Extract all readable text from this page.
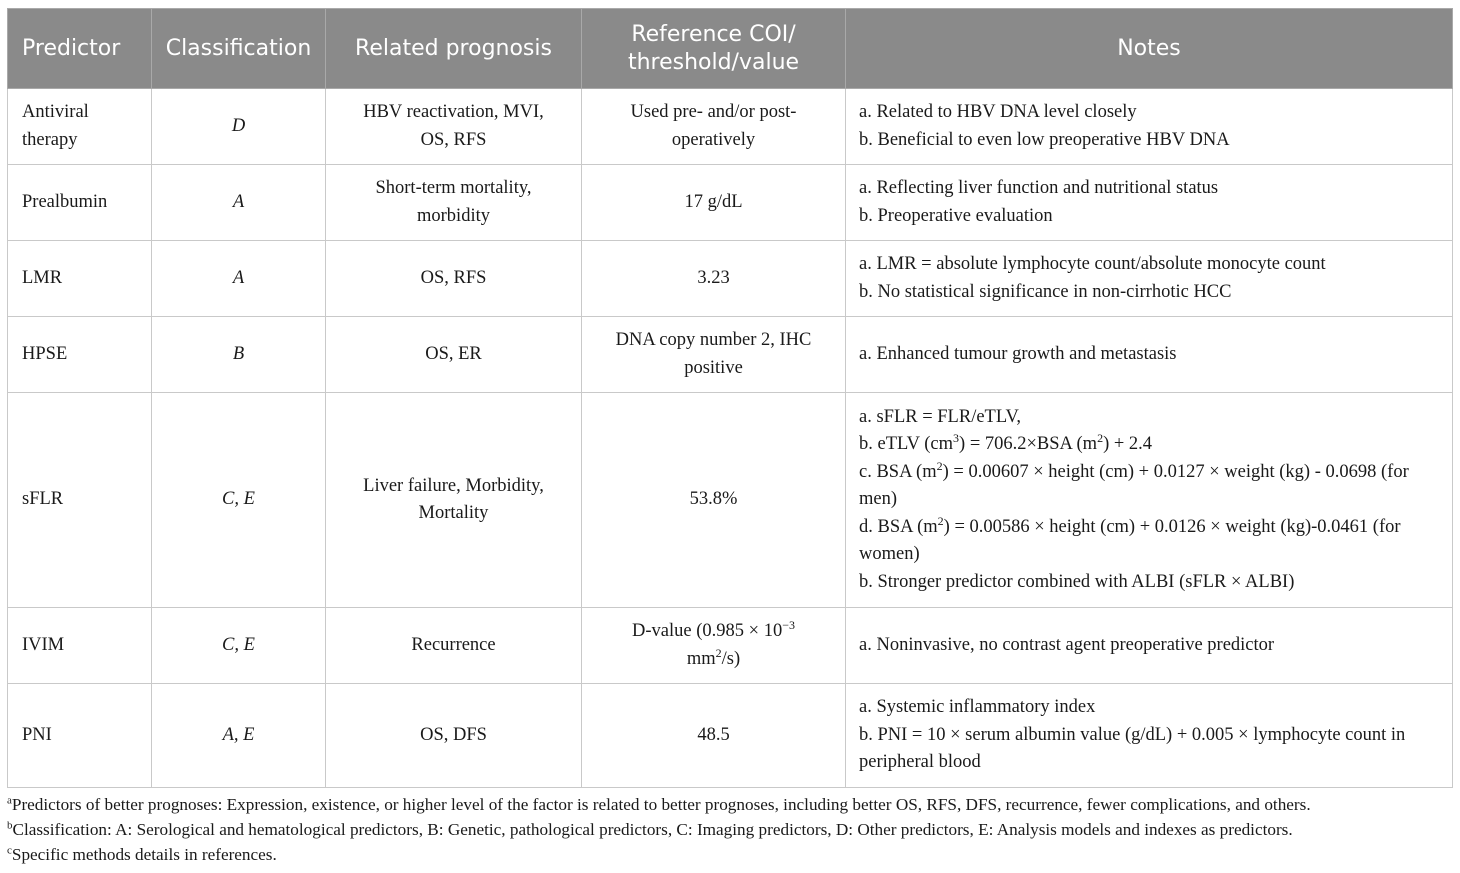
Predictor	Classification	Related prognosis	Reference COI/
threshold/value	Notes
Antiviral therapy	D	HBV reactivation, MVI, OS, RFS	Used pre- and/or post-operatively	a. Related to HBV DNA level closely
b. Beneficial to even low preoperative HBV DNA

Prealbumin	A	Short-term mortality, morbidity	17 g/dL	a. Reflecting liver function and nutritional status
b. Preoperative evaluation

LMR	A	OS, RFS	3.23	a. LMR = absolute lymphocyte count/absolute monocyte count
b. No statistical significance in non-cirrhotic HCC

HPSE	B	OS, ER	DNA copy number 2, IHC positive	a. Enhanced tumour growth and metastasis

sFLR	C, E	Liver failure, Morbidity, Mortality	53.8%	a. sFLR = FLR/eTLV,
b. eTLV $(cm^3) = 706.2\times BSA$ $(m^2) + 2.4$
c. BSA $(m^2) = 0.00607$ × height (cm) + 0.0127 × weight (kg) - 0.0698 (for men)
d. BSA $(m^2) = 0.00586$ × height (cm) + 0.0126 × weight (kg)-0.0461 (for women)
b. Stronger predictor combined with ALBI (sFLR × ALBI)

IVIM	C, E	Recurrence	D-value ($0.985 \times 10^{-3}$ $mm^2/s$)	a. Noninvasive, no contrast agent preoperative predictor

PNI	A, E	OS, DFS	48.5	a. Systemic inflammatory index
b. PNI = 10 × serum albumin value (g/dL) + 0.005 × lymphocyte count in peripheral blood
$^a$Predictors of better prognoses: Expression, existence, or higher level of the factor is related to better prognoses, including better OS, RFS, DFS, recurrence, fewer complications, and others.
$^b$Classification: A: Serological and hematological predictors, B: Genetic, pathological predictors, C: Imaging predictors, D: Other predictors, E: Analysis models and indexes as predictors.
$^c$Specific methods details in references.
